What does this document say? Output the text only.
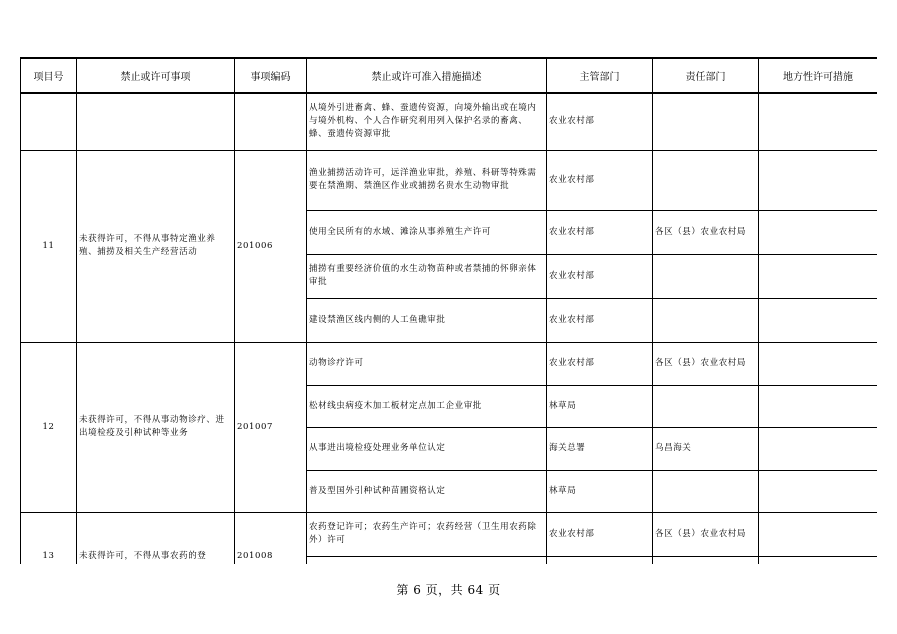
项目号	禁止或许可事项	事项编码	禁止或许可准入措施描述	主管部门	责任部门	地方性许可措施
			从境外引进畜禽、蜂、蚕遗传资源，向境外输出或在境内与境外机构、个人合作研究利用列入保护名录的畜禽、蜂、蚕遗传资源审批	农业农村部		
11	未获得许可，不得从事特定渔业养殖、捕捞及相关生产经营活动	201006	渔业捕捞活动许可，远洋渔业审批，养殖、科研等特殊需要在禁渔期、禁渔区作业或捕捞名贵水生动物审批	农业农村部		
			使用全民所有的水域、滩涂从事养殖生产许可	农业农村部	各区（县）农业农村局	
			捕捞有重要经济价值的水生动物苗种或者禁捕的怀卵亲体审批	农业农村部		
			建设禁渔区线内侧的人工鱼礁审批	农业农村部		
12	未获得许可，不得从事动物诊疗、进出境检疫及引种试种等业务	201007	动物诊疗许可	农业农村部	各区（县）农业农村局	
			松材线虫病疫木加工板材定点加工企业审批	林草局		
			从事进出境检疫处理业务单位认定	海关总署	乌昌海关	
			普及型国外引种试种苗圃资格认定	林草局		
13	未获得许可，不得从事农药的登	201008	农药登记许可；农药生产许可；农药经营（卫生用农药除外）许可	农业农村部	各区（县）农业农村局	

第 6 页，共 64 页
